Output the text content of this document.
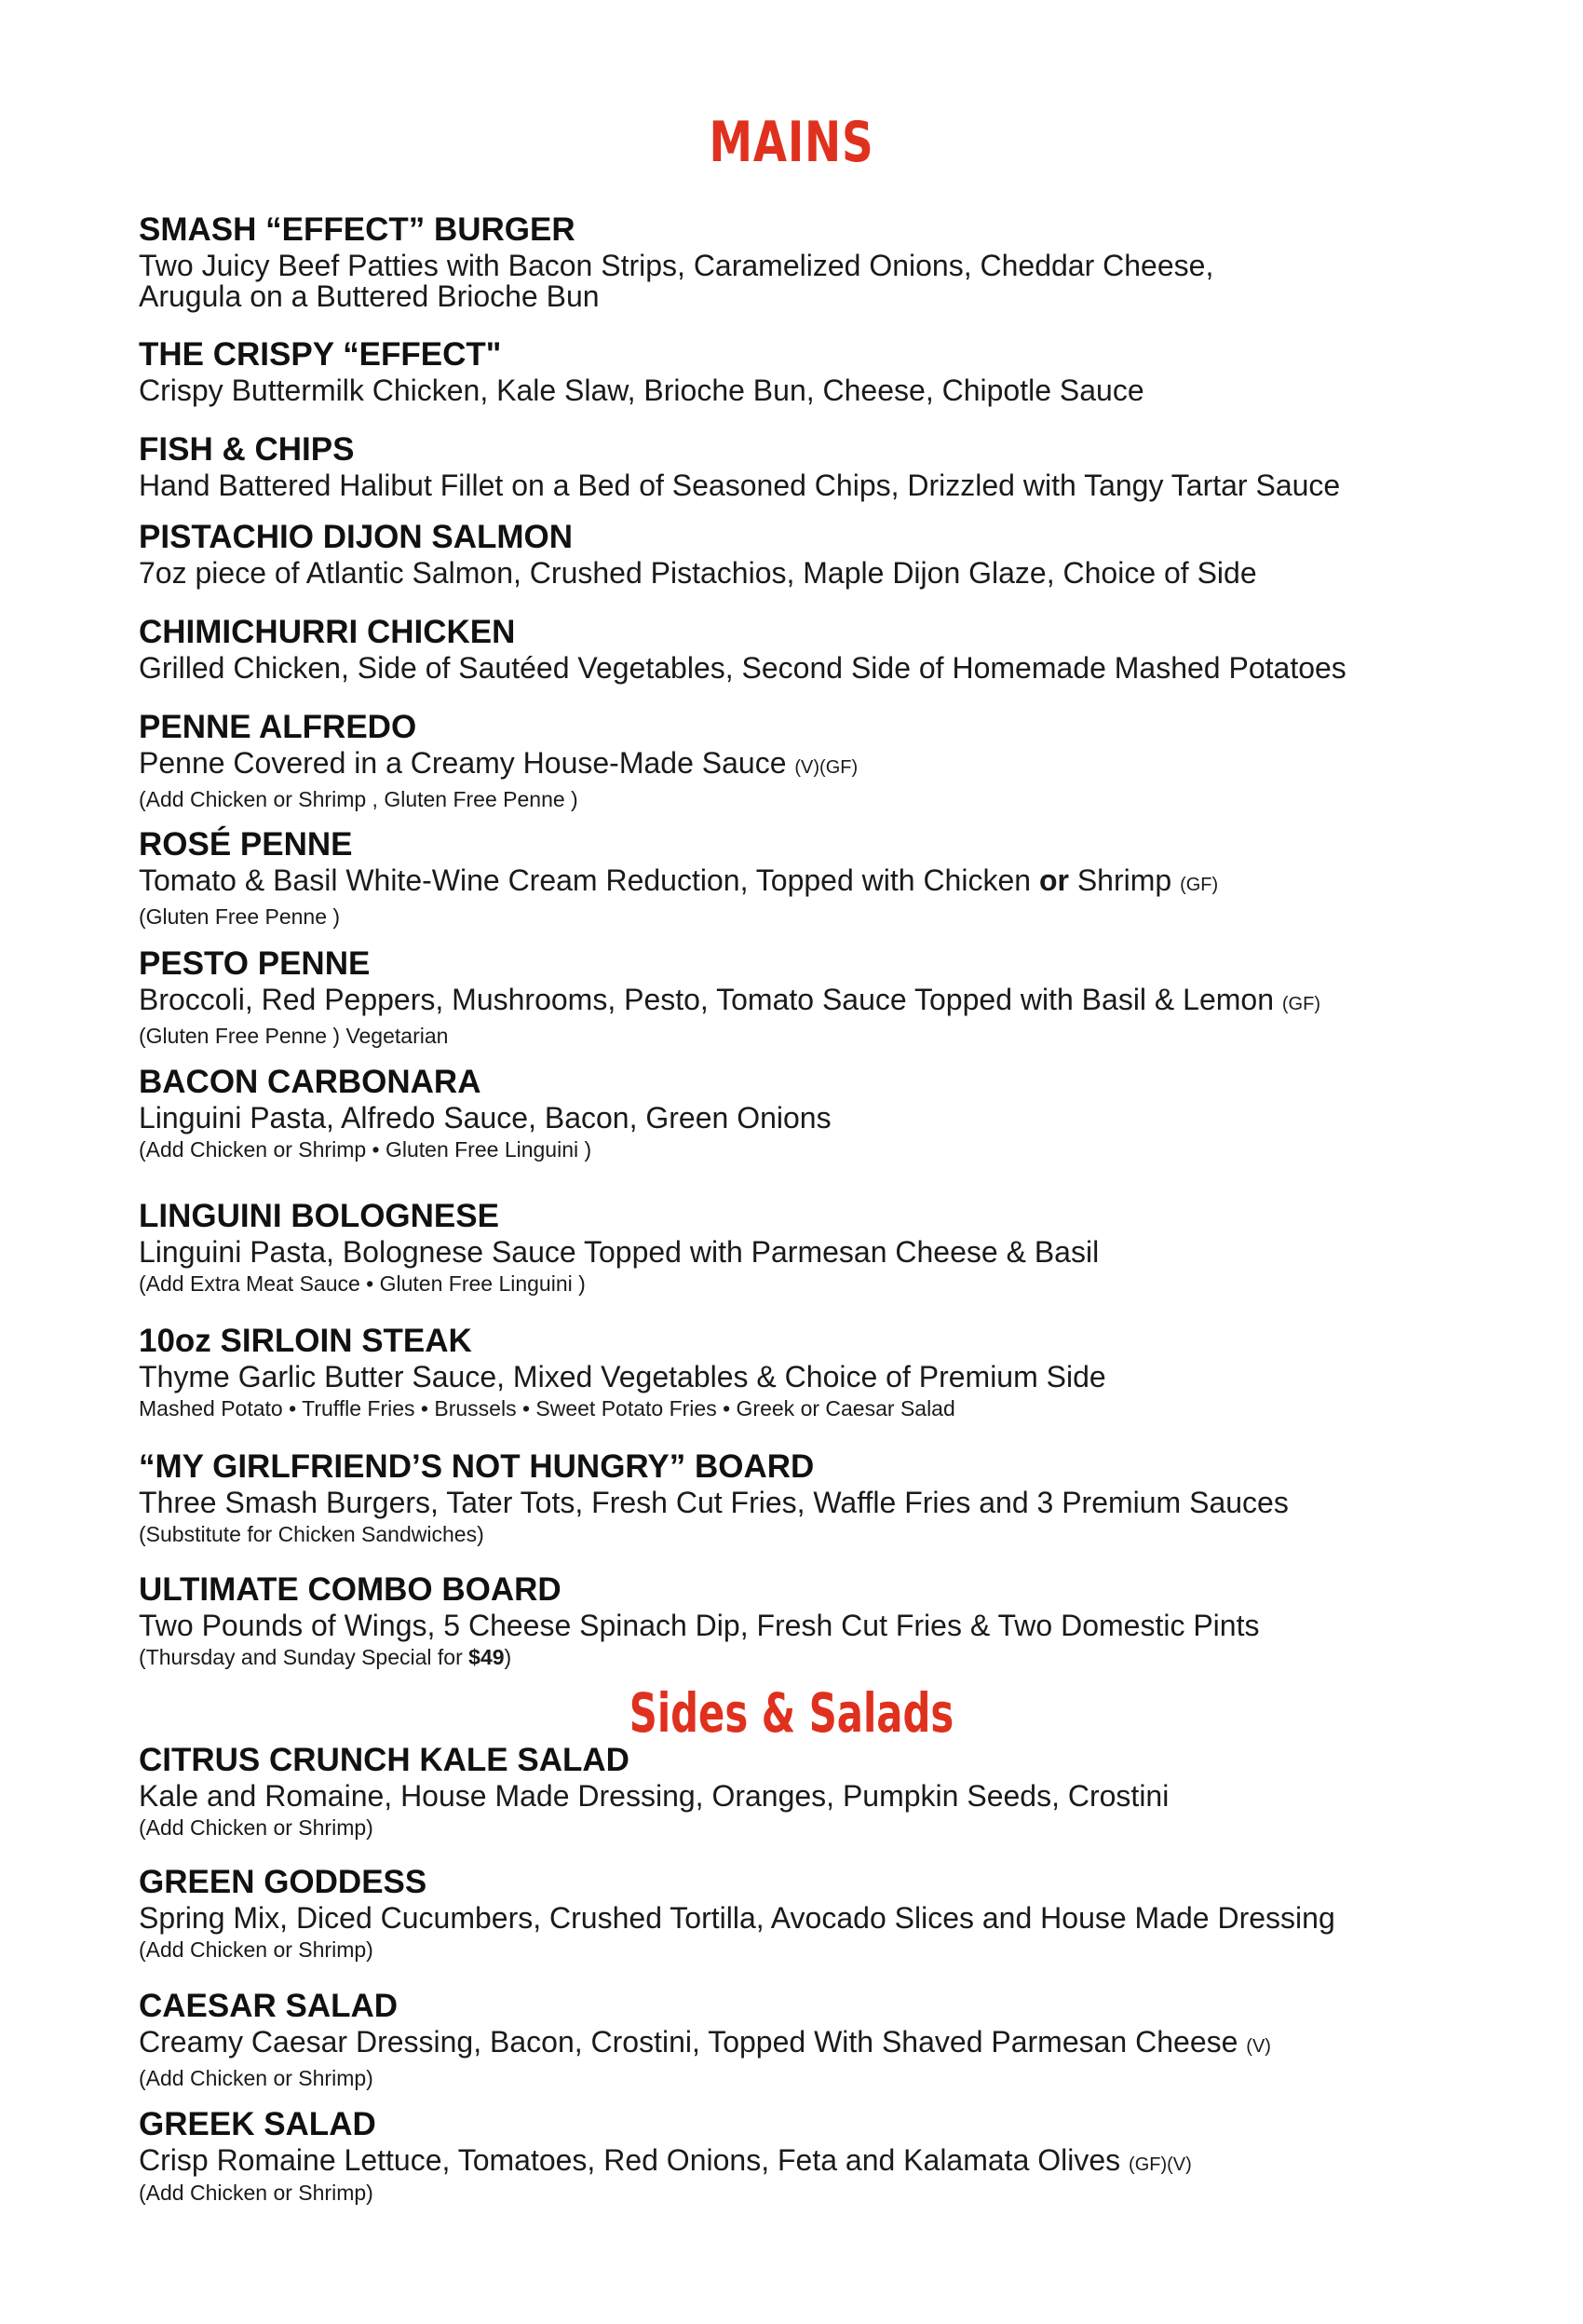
MAINS
SMASH “EFFECT” BURGER
Two Juicy Beef Patties with Bacon Strips, Caramelized Onions, Cheddar Cheese,
Arugula on a Buttered Brioche Bun
THE CRISPY “EFFECT"
Crispy Buttermilk Chicken, Kale Slaw, Brioche Bun, Cheese, Chipotle Sauce
FISH & CHIPS
Hand Battered Halibut Fillet on a Bed of Seasoned Chips, Drizzled with Tangy Tartar Sauce
PISTACHIO DIJON SALMON
7oz piece of Atlantic Salmon, Crushed Pistachios, Maple Dijon Glaze, Choice of Side
CHIMICHURRI CHICKEN
Grilled Chicken, Side of Sautéed Vegetables, Second Side of Homemade Mashed Potatoes
PENNE ALFREDO
Penne Covered in a Creamy House-Made Sauce (V)(GF)
(Add Chicken or Shrimp , Gluten Free Penne )
ROSÉ PENNE
Tomato & Basil White-Wine Cream Reduction, Topped with Chicken or Shrimp (GF)
(Gluten Free Penne )
PESTO PENNE
Broccoli, Red Peppers, Mushrooms, Pesto, Tomato Sauce Topped with Basil & Lemon (GF)
(Gluten Free Penne ) Vegetarian
BACON CARBONARA
Linguini Pasta, Alfredo Sauce, Bacon, Green Onions
(Add Chicken or Shrimp • Gluten Free Linguini )
LINGUINI BOLOGNESE
Linguini Pasta, Bolognese Sauce Topped with Parmesan Cheese & Basil
(Add Extra Meat Sauce • Gluten Free Linguini )
10oz SIRLOIN STEAK
Thyme Garlic Butter Sauce, Mixed Vegetables & Choice of Premium Side
Mashed Potato • Truffle Fries • Brussels • Sweet Potato Fries • Greek or Caesar Salad
“MY GIRLFRIEND’S NOT HUNGRY” BOARD
Three Smash Burgers, Tater Tots, Fresh Cut Fries, Waffle Fries and 3 Premium Sauces
(Substitute for Chicken Sandwiches)
ULTIMATE COMBO BOARD
Two Pounds of Wings, 5 Cheese Spinach Dip, Fresh Cut Fries & Two Domestic Pints
(Thursday and Sunday Special for $49)
Sides & Salads
CITRUS CRUNCH KALE SALAD
Kale and Romaine, House Made Dressing, Oranges, Pumpkin Seeds, Crostini
(Add Chicken or Shrimp)
GREEN GODDESS
Spring Mix, Diced Cucumbers, Crushed Tortilla, Avocado Slices and House Made Dressing
(Add Chicken or Shrimp)
CAESAR SALAD
Creamy Caesar Dressing, Bacon, Crostini, Topped With Shaved Parmesan Cheese (V)
(Add Chicken or Shrimp)
GREEK SALAD
Crisp Romaine Lettuce, Tomatoes, Red Onions, Feta and Kalamata Olives (GF)(V)
(Add Chicken or Shrimp)
